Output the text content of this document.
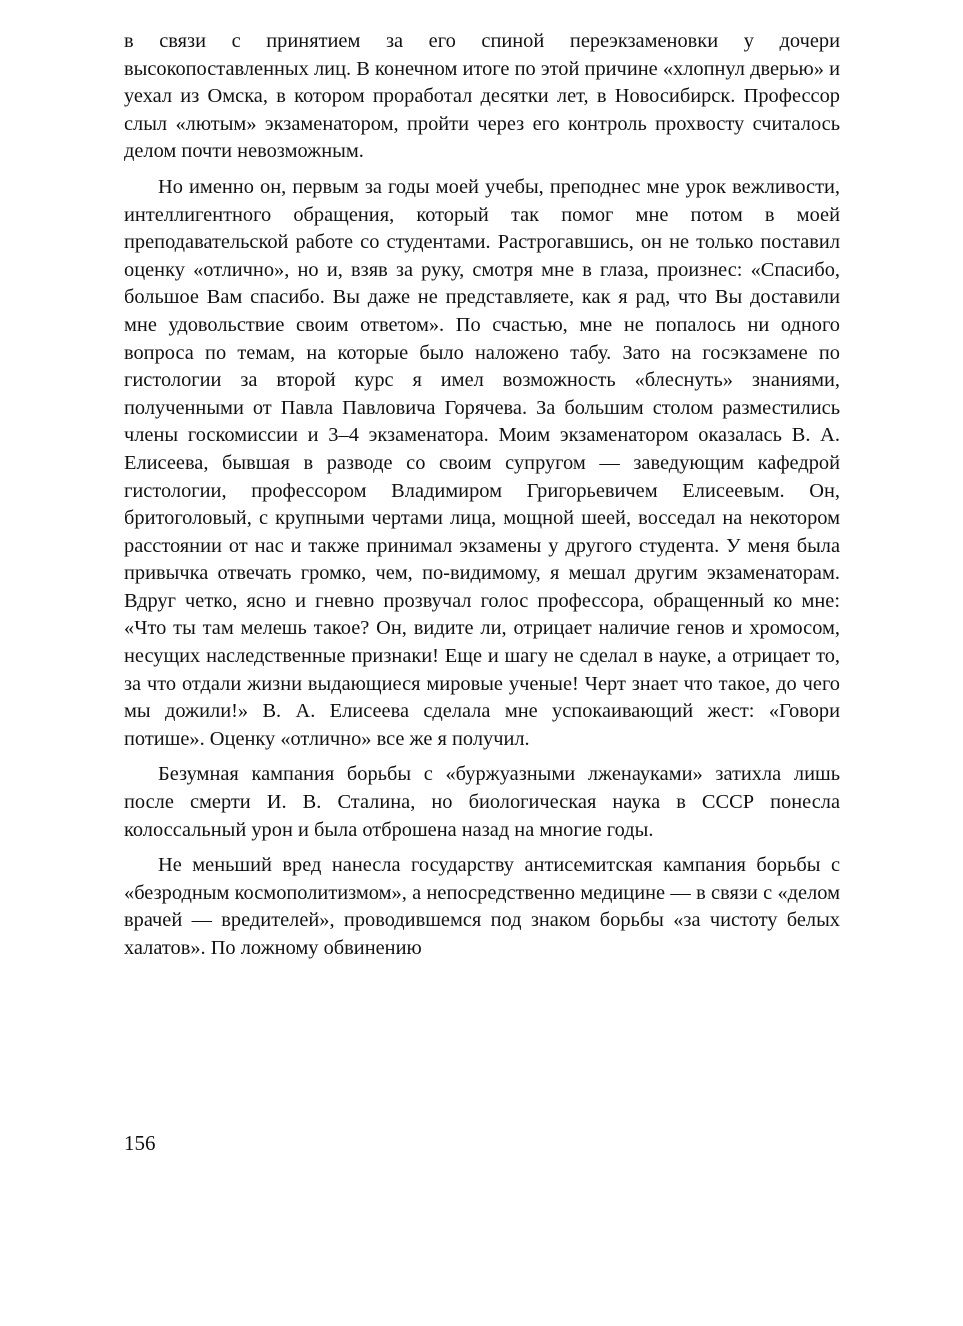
в связи с принятием за его спиной переэкзаменовки у дочери высокопоставленных лиц. В конечном итоге по этой причине «хлопнул дверью» и уехал из Омска, в котором проработал десятки лет, в Новосибирск. Профессор слыл «лютым» экзаменатором, пройти через его контроль прохвосту считалось делом почти невозможным.

Но именно он, первым за годы моей учебы, преподнес мне урок вежливости, интеллигентного обращения, который так помог мне потом в моей преподавательской работе со студентами. Растрогавшись, он не только поставил оценку «отлично», но и, взяв за руку, смотря мне в глаза, произнес: «Спасибо, большое Вам спасибо. Вы даже не представляете, как я рад, что Вы доставили мне удовольствие своим ответом». По счастью, мне не попалось ни одного вопроса по темам, на которые было наложено табу. Зато на госэкзамене по гистологии за второй курс я имел возможность «блеснуть» знаниями, полученными от Павла Павловича Горячева. За большим столом разместились члены госкомиссии и 3–4 экзаменатора. Моим экзаменатором оказалась В. А. Елисеева, бывшая в разводе со своим супругом — заведующим кафедрой гистологии, профессором Владимиром Григорьевичем Елисеевым. Он, бритоголовый, с крупными чертами лица, мощной шеей, восседал на некотором расстоянии от нас и также принимал экзамены у другого студента. У меня была привычка отвечать громко, чем, по-видимому, я мешал другим экзаменаторам. Вдруг четко, ясно и гневно прозвучал голос профессора, обращенный ко мне: «Что ты там мелешь такое? Он, видите ли, отрицает наличие генов и хромосом, несущих наследственные признаки! Еще и шагу не сделал в науке, а отрицает то, за что отдали жизни выдающиеся мировые ученые! Черт знает что такое, до чего мы дожили!» В. А. Елисеева сделала мне успокаивающий жест: «Говори потише». Оценку «отлично» все же я получил.

Безумная кампания борьбы с «буржуазными лженауками» затихла лишь после смерти И. В. Сталина, но биологическая наука в СССР понесла колоссальный урон и была отброшена назад на многие годы.

Не меньший вред нанесла государству антисемитская кампания борьбы с «безродным космополитизмом», а непосредственно медицине — в связи с «делом врачей — вредителей», проводившемся под знаком борьбы «за чистоту белых халатов». По ложному обвинению

156
